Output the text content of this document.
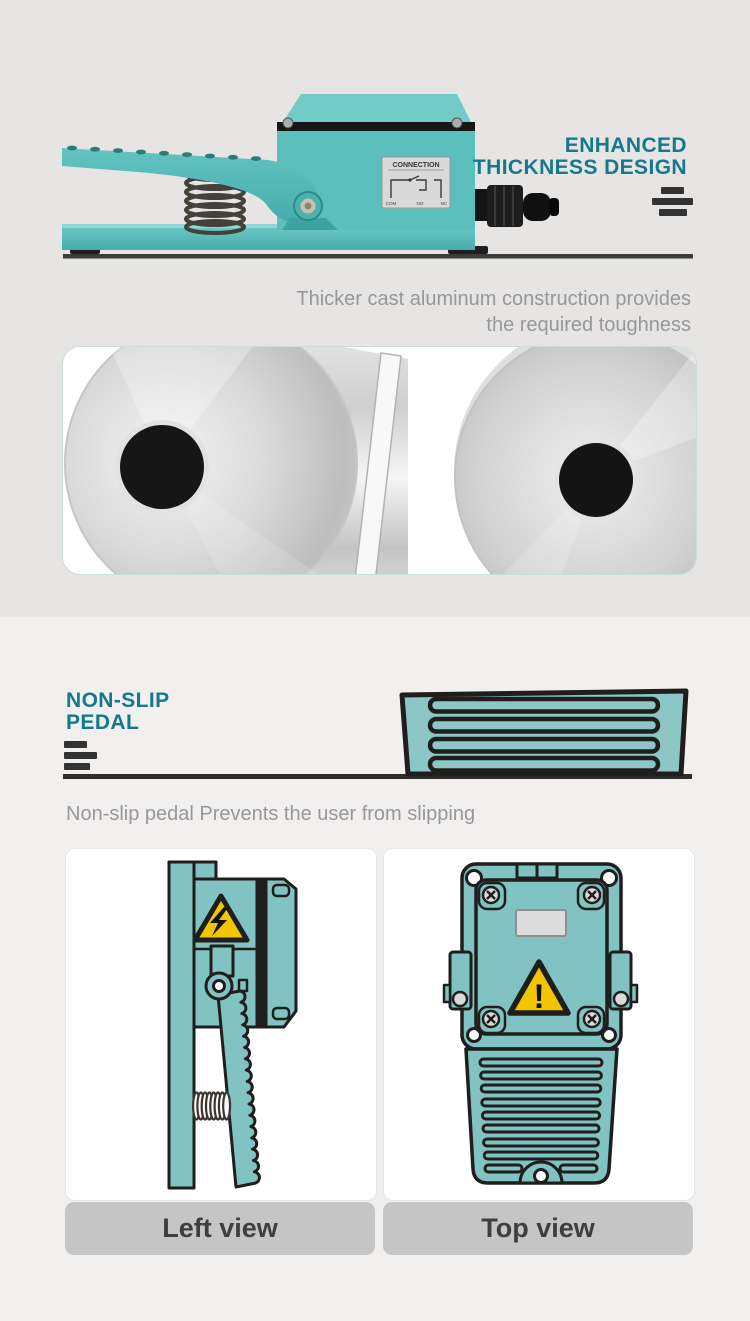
CONNECTION
COM	NO	NC
ENHANCED
THICKNESS DESIGN
Thicker cast aluminum construction provides
the required toughness
NON-SLIP
PEDAL
Non-slip pedal Prevents the user from slipping
!
Left view	Top view
